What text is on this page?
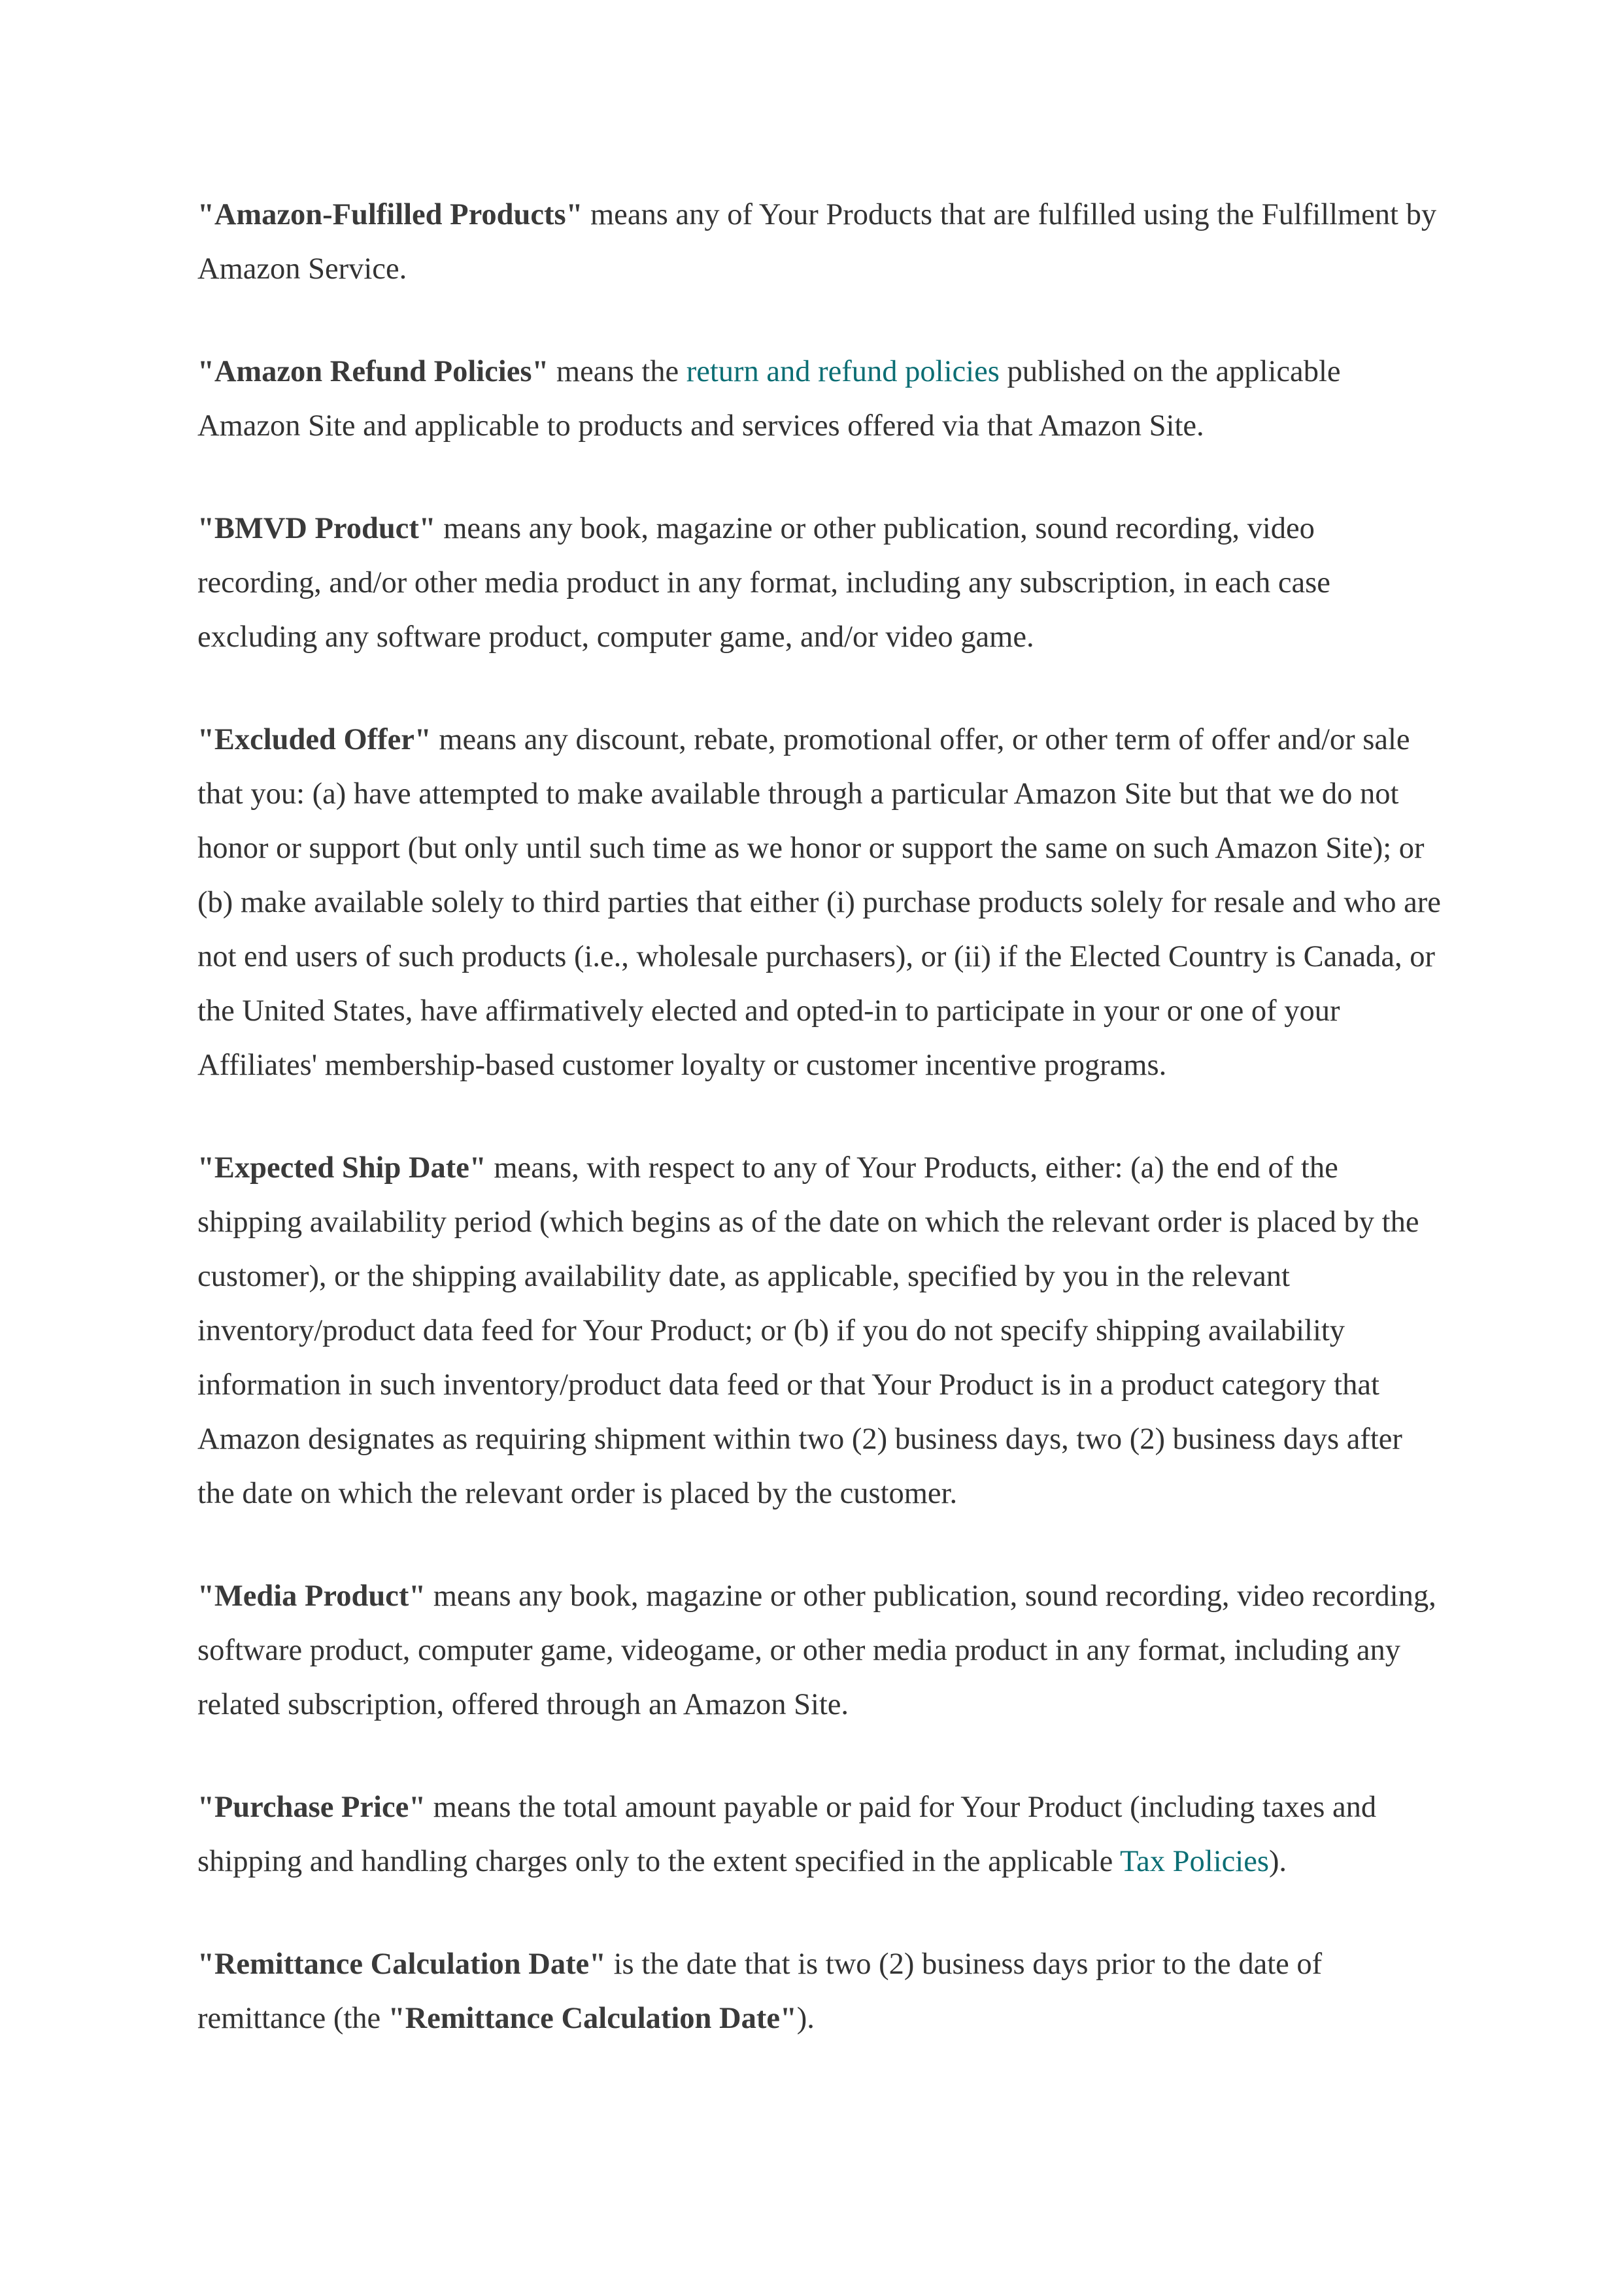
"Amazon-Fulfilled Products" means any of Your Products that are fulfilled using the Fulfillment by Amazon Service.

"Amazon Refund Policies" means the return and refund policies published on the applicable Amazon Site and applicable to products and services offered via that Amazon Site.

"BMVD Product" means any book, magazine or other publication, sound recording, video recording, and/or other media product in any format, including any subscription, in each case excluding any software product, computer game, and/or video game.

"Excluded Offer" means any discount, rebate, promotional offer, or other term of offer and/or sale that you: (a) have attempted to make available through a particular Amazon Site but that we do not honor or support (but only until such time as we honor or support the same on such Amazon Site); or (b) make available solely to third parties that either (i) purchase products solely for resale and who are not end users of such products (i.e., wholesale purchasers), or (ii) if the Elected Country is Canada, or the United States, have affirmatively elected and opted-in to participate in your or one of your Affiliates' membership-based customer loyalty or customer incentive programs.

"Expected Ship Date" means, with respect to any of Your Products, either: (a) the end of the shipping availability period (which begins as of the date on which the relevant order is placed by the customer), or the shipping availability date, as applicable, specified by you in the relevant inventory/product data feed for Your Product; or (b) if you do not specify shipping availability information in such inventory/product data feed or that Your Product is in a product category that Amazon designates as requiring shipment within two (2) business days, two (2) business days after the date on which the relevant order is placed by the customer.

"Media Product" means any book, magazine or other publication, sound recording, video recording, software product, computer game, videogame, or other media product in any format, including any related subscription, offered through an Amazon Site.

"Purchase Price" means the total amount payable or paid for Your Product (including taxes and shipping and handling charges only to the extent specified in the applicable Tax Policies).

"Remittance Calculation Date" is the date that is two (2) business days prior to the date of remittance (the "Remittance Calculation Date").
